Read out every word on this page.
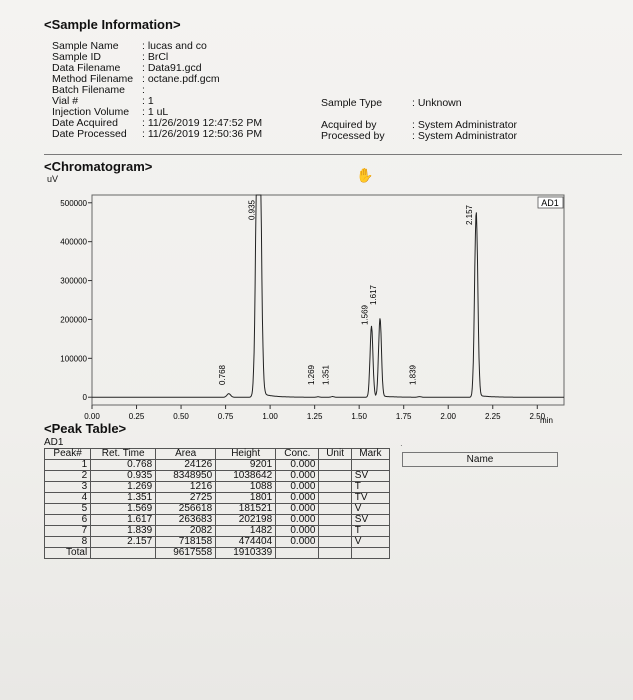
<Sample Information>
Sample Name : lucas and co
Sample ID	: BrCl
Data Filename : Data91.gcd
Method Filename : octane.pdf.gcm
Batch Filename :
Vial #	: 1
Injection Volume : 1 uL
Date Acquired : 11/26/2019 12:47:52 PM
Date Processed : 11/26/2019 12:50:36 PM
Sample Type	: Unknown
Acquired by	: System Administrator
Processed by	: System Administrator
<Chromatogram>
uV	✋
0
100000
200000
300000
400000
500000
0.00	0.25	0.50	0.75	1.00	1.25	1.50	1.75	2.00	2.25	2.50
0.768
0.935
1.269 1.351
1.569
1.617
1.839
2.157
AD1
min
<Peak Table>
AD1
Peak#	Ret. Time	Area	Height	Conc.	Unit	Mark
1	0.768	24126	9201	0.000		
2	0.935	8348950	1038642	0.000		SV
3	1.269	1216	1088	0.000		T
4	1.351	2725	1801	0.000		TV
5	1.569	256618	181521	0.000		V
6	1.617	263683	202198	0.000		SV
7	1.839	2082	1482	0.000		T
8	2.157	718158	474404	0.000		V
Total		9617558	1910339			
Name
·
